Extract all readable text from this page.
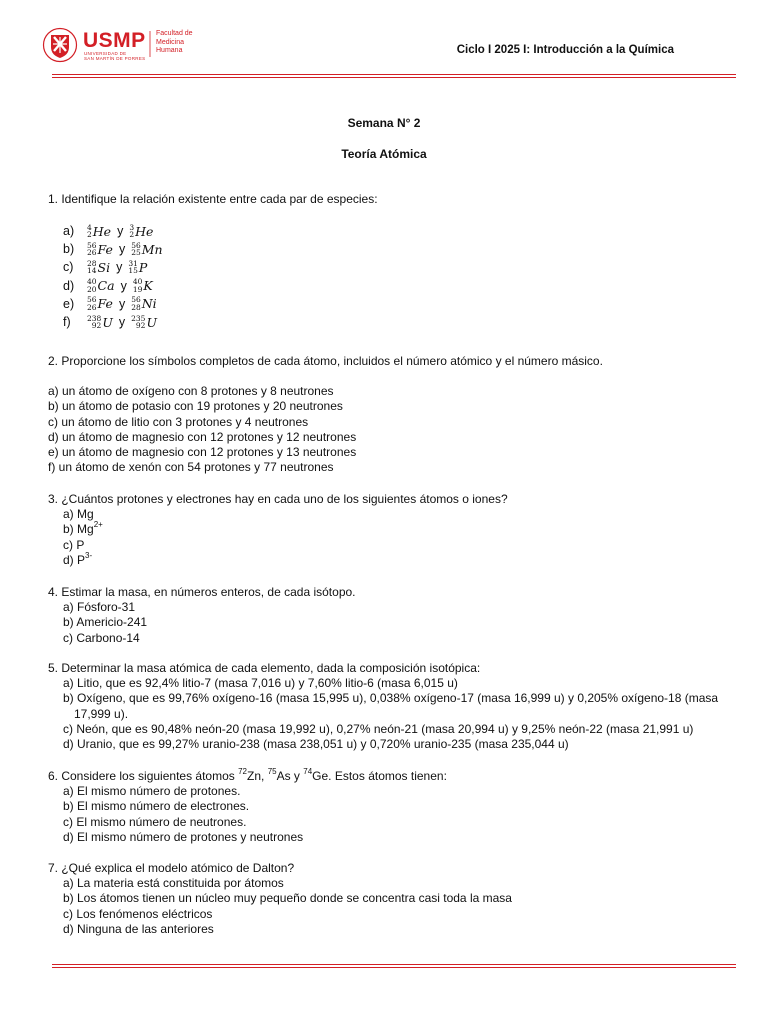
USMP
UNIVERSIDAD DE
SAN MARTÍN DE PORRES
Facultad de
Medicina
Humana	Ciclo I 2025 I: Introducción a la Química
Semana N° 2
Teoría Atómica
1. Identifique la relación existente entre cada par de especies:
a)	4
2 He y 3
2 He
b)	56
26 Fe y 56
25 Mn
c)	28
14 Si y 31
15 P
d)	40
20 Ca y 40
19 K
e)	56
26 Fe y 56
28 Ni
f)	238
92 U y 235
92 U
2. Proporcione los símbolos completos de cada átomo, incluidos el número atómico y el número másico.
a) un átomo de oxígeno con 8 protones y 8 neutrones
b) un átomo de potasio con 19 protones y 20 neutrones
c) un átomo de litio con 3 protones y 4 neutrones
d) un átomo de magnesio con 12 protones y 12 neutrones
e) un átomo de magnesio con 12 protones y 13 neutrones
f) un átomo de xenón con 54 protones y 77 neutrones
3. ¿Cuántos protones y electrones hay en cada uno de los siguientes átomos o iones?
a) Mg
b) $Mg^{2+}$
c) P
d) $P^{3-}$
4. Estimar la masa, en números enteros, de cada isótopo.
a) Fósforo-31
b) Americio-241
c) Carbono-14
5. Determinar la masa atómica de cada elemento, dada la composición isotópica:
a) Litio, que es 92,4% litio-7 (masa 7,016 u) y 7,60% litio-6 (masa 6,015 u)
b) Oxígeno, que es 99,76% oxígeno-16 (masa 15,995 u), 0,038% oxígeno-17 (masa 16,999 u) y 0,205% oxígeno-18 (masa
17,999 u).
c) Neón, que es 90,48% neón-20 (masa 19,992 u), 0,27% neón-21 (masa 20,994 u) y 9,25% neón-22 (masa 21,991 u)
d) Uranio, que es 99,27% uranio-238 (masa 238,051 u) y 0,720% uranio-235 (masa 235,044 u)
6. Considere los siguientes átomos $^{72}$Zn, $^{75}$As y $^{74}$Ge. Estos átomos tienen:
a) El mismo número de protones.
b) El mismo número de electrones.
c) El mismo número de neutrones.
d) El mismo número de protones y neutrones
7. ¿Qué explica el modelo atómico de Dalton?
a) La materia está constituida por átomos
b) Los átomos tienen un núcleo muy pequeño donde se concentra casi toda la masa
c) Los fenómenos eléctricos
d) Ninguna de las anteriores
